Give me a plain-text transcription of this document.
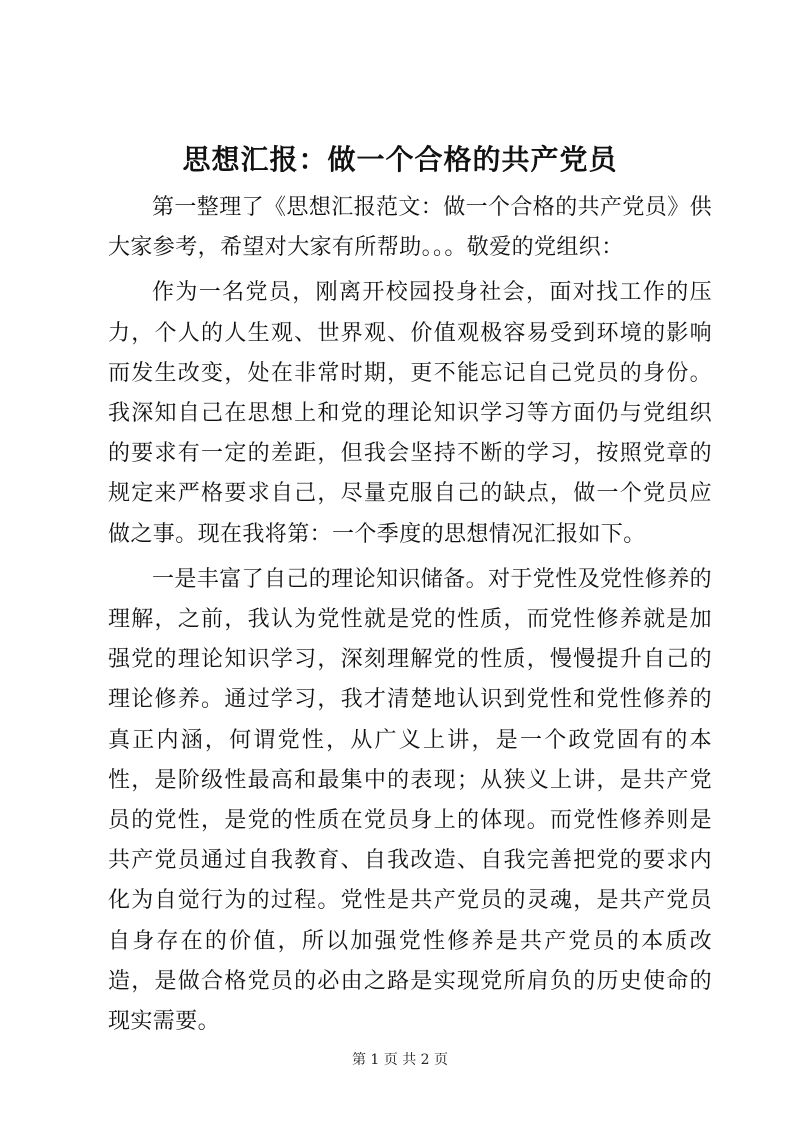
思想汇报：做一个合格的共产党员

第一整理了《思想汇报范文：做一个合格的共产党员》供大家参考，希望对大家有所帮助。。。敬爱的党组织：

作为一名党员，刚离开校园投身社会，面对找工作的压力，个人的人生观、世界观、价值观极容易受到环境的影响而发生改变，处在非常时期，更不能忘记自己党员的身份。我深知自己在思想上和党的理论知识学习等方面仍与党组织的要求有一定的差距，但我会坚持不断的学习，按照党章的规定来严格要求自己，尽量克服自己的缺点，做一个党员应做之事。现在我将第：一个季度的思想情况汇报如下。

一是丰富了自己的理论知识储备。对于党性及党性修养的理解，之前，我认为党性就是党的性质，而党性修养就是加强党的理论知识学习，深刻理解党的性质，慢慢提升自己的理论修养。通过学习，我才清楚地认识到党性和党性修养的真正内涵，何谓党性，从广义上讲，是一个政党固有的本性，是阶级性最高和最集中的表现；从狭义上讲，是共产党员的党性，是党的性质在党员身上的体现。而党性修养则是共产党员通过自我教育、自我改造、自我完善把党的要求内化为自觉行为的过程。党性是共产党员的灵魂，是共产党员自身存在的价值，所以加强党性修养是共产党员的本质改造，是做合格党员的必由之路是实现党所肩负的历史使命的现实需要。

第 1 页 共 2 页
